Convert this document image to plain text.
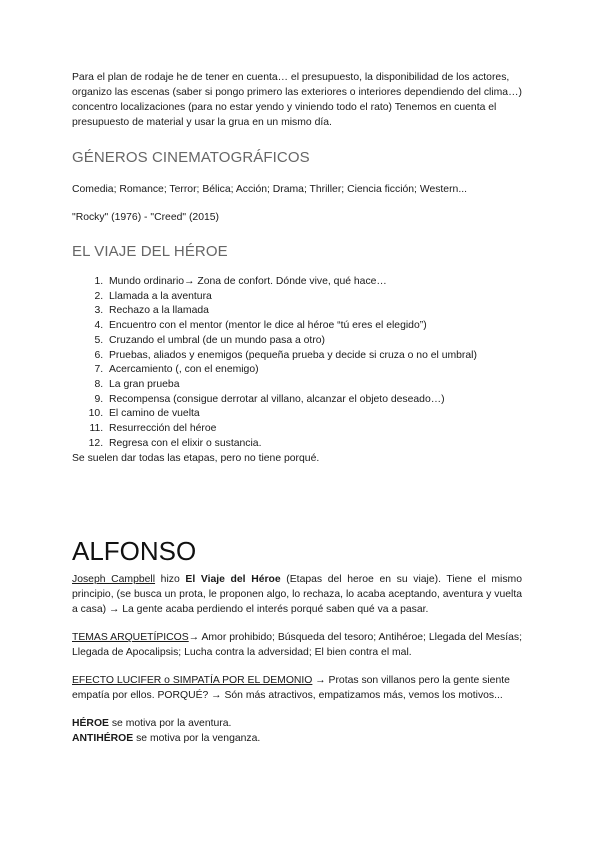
Para el plan de rodaje he de tener en cuenta… el presupuesto, la disponibilidad de los actores, organizo las escenas (saber si pongo primero las exteriores o interiores dependiendo del clima…) concentro localizaciones (para no estar yendo y viniendo todo el rato) Tenemos en cuenta el presupuesto de material y usar la grua en un mismo día.

GÉNEROS CINEMATOGRÁFICOS

Comedia; Romance; Terror; Bélica; Acción; Drama; Thriller; Ciencia ficción; Western...

"Rocky" (1976) - "Creed" (2015)

EL VIAJE DEL HÉROE
1. Mundo ordinario→ Zona de confort. Dónde vive, qué hace…
2. Llamada a la aventura
3. Rechazo a la llamada
4. Encuentro con el mentor (mentor le dice al héroe “tú eres el elegido”)
5. Cruzando el umbral (de un mundo pasa a otro)
6. Pruebas, aliados y enemigos (pequeña prueba y decide si cruza o no el umbral)
7. Acercamiento (, con el enemigo)
8. La gran prueba
9. Recompensa (consigue derrotar al villano, alcanzar el objeto deseado…)
10. El camino de vuelta
11. Resurrección del héroe
12. Regresa con el elixir o sustancia.

Se suelen dar todas las etapas, pero no tiene porqué.

ALFONSO

Joseph Campbell hizo El Viaje del Héroe (Etapas del heroe en su viaje). Tiene el mismo principio, (se busca un prota, le proponen algo, lo rechaza, lo acaba aceptando, aventura y vuelta a casa) → La gente acaba perdiendo el interés porqué saben qué va a pasar.

TEMAS ARQUETÍPICOS→ Amor prohibido; Búsqueda del tesoro; Antihéroe; Llegada del Mesías; Llegada de Apocalipsis; Lucha contra la adversidad; El bien contra el mal.

EFECTO LUCIFER o SIMPATÍA POR EL DEMONIO → Protas son villanos pero la gente siente empatía por ellos. PORQUÉ? → Són más atractivos, empatizamos más, vemos los motivos...

HÉROE se motiva por la aventura.

ANTIHÉROE se motiva por la venganza.
